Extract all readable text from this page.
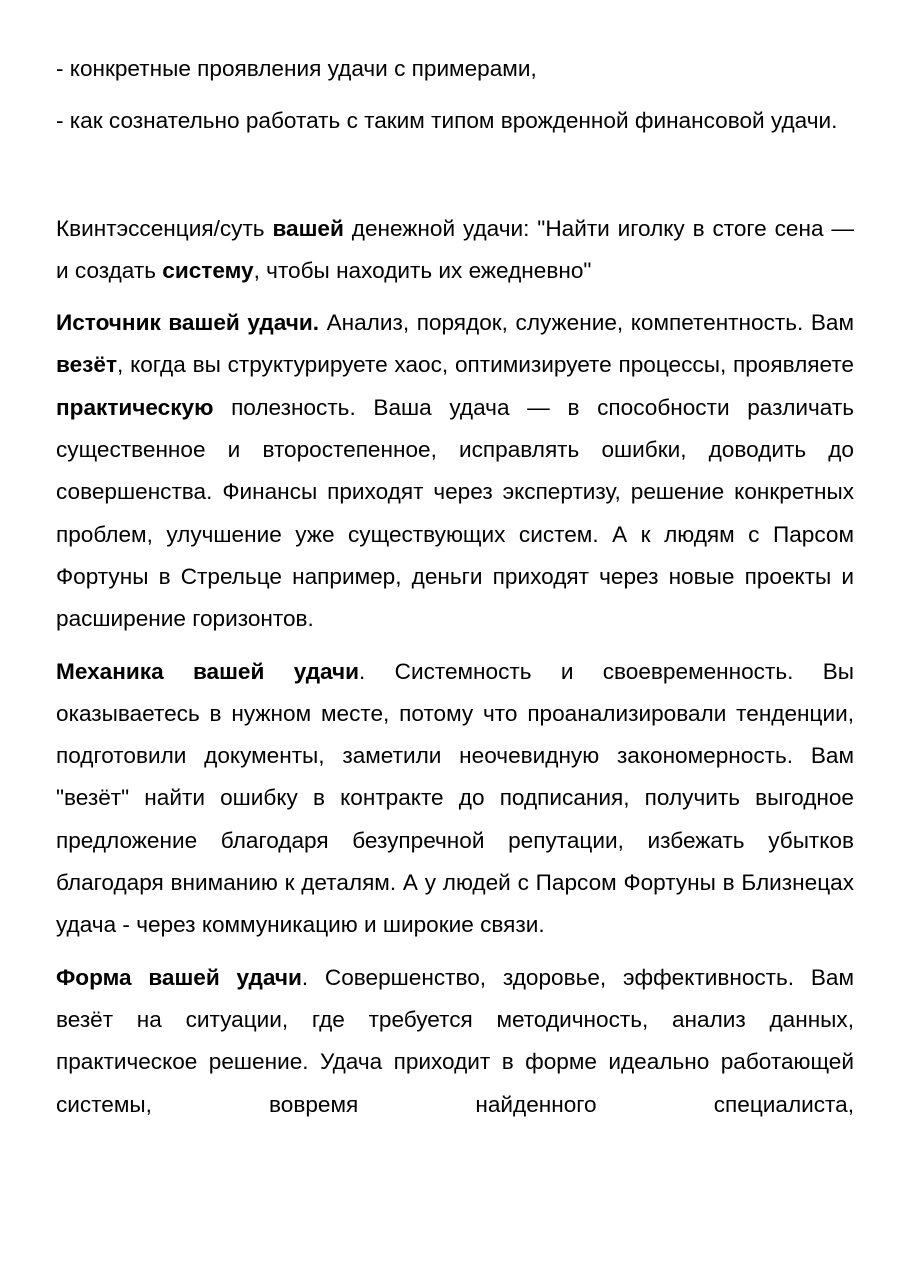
- конкретные проявления удачи с примерами,

- как сознательно работать с таким типом врожденной финансовой удачи.

Квинтэссенция/суть вашей денежной удачи: "Найти иголку в стоге сена — и создать систему, чтобы находить их ежедневно"

Источник вашей удачи. Анализ, порядок, служение, компетентность. Вам везёт, когда вы структурируете хаос, оптимизируете процессы, проявляете практическую полезность. Ваша удача — в способности различать существенное и второстепенное, исправлять ошибки, доводить до совершенства. Финансы приходят через экспертизу, решение конкретных проблем, улучшение уже существующих систем. А к людям с Парсом Фортуны в Стрельце например, деньги приходят через новые проекты и расширение горизонтов.

Механика вашей удачи. Системность и своевременность. Вы оказываетесь в нужном месте, потому что проанализировали тенденции, подготовили документы, заметили неочевидную закономерность. Вам "везёт" найти ошибку в контракте до подписания, получить выгодное предложение благодаря безупречной репутации, избежать убытков благодаря вниманию к деталям. А у людей с Парсом Фортуны в Близнецах удача - через коммуникацию и широкие связи.

Форма вашей удачи. Совершенство, здоровье, эффективность. Вам везёт на ситуации, где требуется методичность, анализ данных, практическое решение. Удача приходит в форме идеально работающей системы, вовремя найденного специалиста,
